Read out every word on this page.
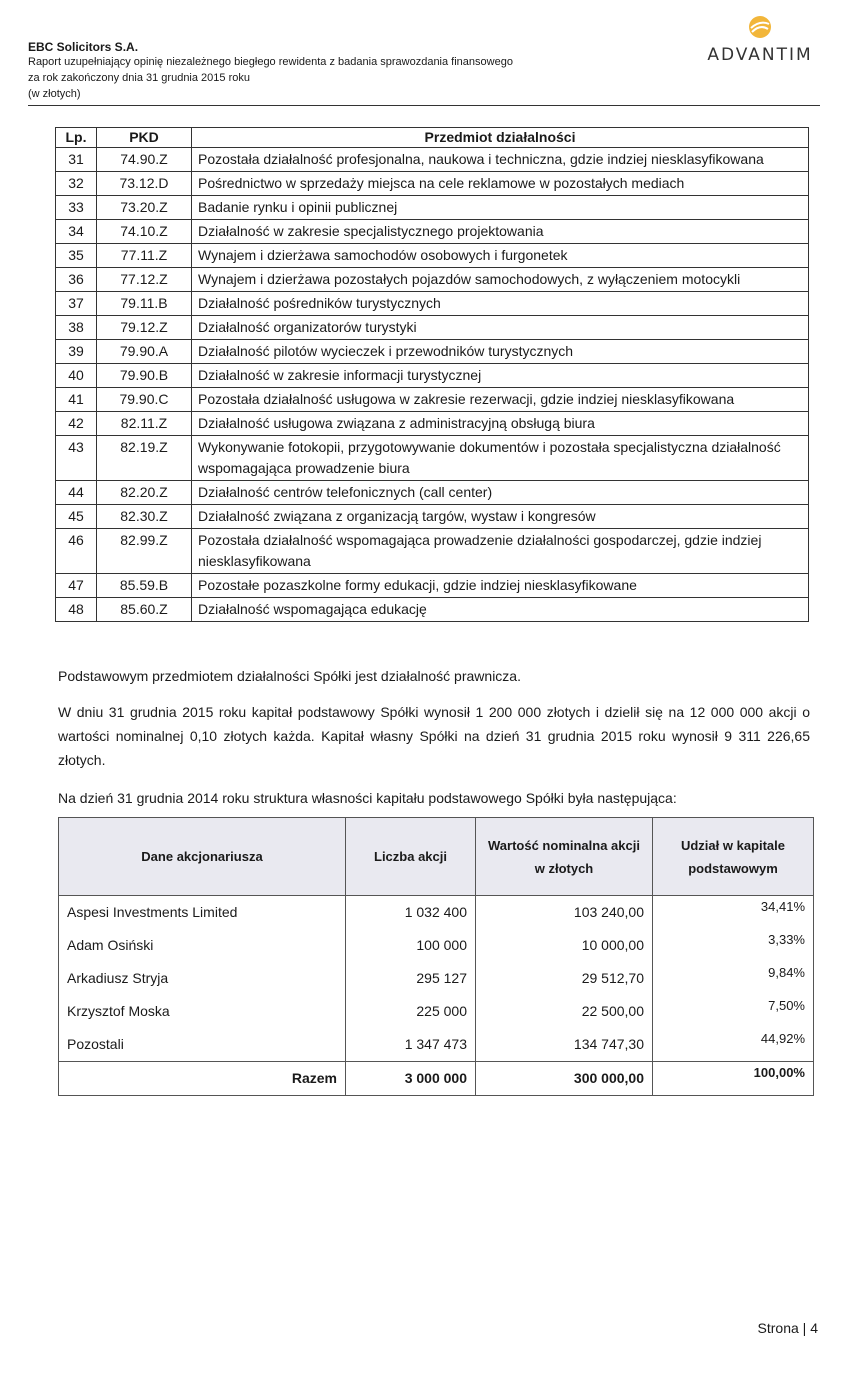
EBC Solicitors S.A.
Raport uzupełniający opinię niezależnego biegłego rewidenta z badania sprawozdania finansowego
za rok zakończony dnia 31 grudnia 2015 roku
(w złotych)
ADVANTIM
Lp.	PKD	Przedmiot działalności
31	74.90.Z	Pozostała działalność profesjonalna, naukowa i techniczna, gdzie indziej niesklasyfikowana
32	73.12.D	Pośrednictwo w sprzedaży miejsca na cele reklamowe w pozostałych mediach
33	73.20.Z	Badanie rynku i opinii publicznej
34	74.10.Z	Działalność w zakresie specjalistycznego projektowania
35	77.11.Z	Wynajem i dzierżawa samochodów osobowych i furgonetek
36	77.12.Z	Wynajem i dzierżawa pozostałych pojazdów samochodowych, z wyłączeniem motocykli
37	79.11.B	Działalność pośredników turystycznych
38	79.12.Z	Działalność organizatorów turystyki
39	79.90.A	Działalność pilotów wycieczek i przewodników turystycznych
40	79.90.B	Działalność w zakresie informacji turystycznej
41	79.90.C	Pozostała działalność usługowa w zakresie rezerwacji, gdzie indziej niesklasyfikowana
42	82.11.Z	Działalność usługowa związana z administracyjną obsługą biura
43	82.19.Z	Wykonywanie fotokopii, przygotowywanie dokumentów i pozostała specjalistyczna działalność wspomagająca prowadzenie biura
44	82.20.Z	Działalność centrów telefonicznych (call center)
45	82.30.Z	Działalność związana z organizacją targów, wystaw i kongresów
46	82.99.Z	Pozostała działalność wspomagająca prowadzenie działalności gospodarczej, gdzie indziej niesklasyfikowana
47	85.59.B	Pozostałe pozaszkolne formy edukacji, gdzie indziej niesklasyfikowane
48	85.60.Z	Działalność wspomagająca edukację
Podstawowym przedmiotem działalności Spółki jest działalność prawnicza.
W dniu 31 grudnia 2015 roku kapitał podstawowy Spółki wynosił 1 200 000 złotych i dzielił się na 12 000 000 akcji o wartości nominalnej 0,10 złotych każda. Kapitał własny Spółki na dzień 31 grudnia 2015 roku wynosił 9 311 226,65 złotych.
Na dzień 31 grudnia 2014 roku struktura własności kapitału podstawowego Spółki była następująca:
Dane akcjonariusza	Liczba akcji	Wartość nominalna akcji w złotych	Udział w kapitale podstawowym
Aspesi Investments Limited	1 032 400	103 240,00	34,41%
Adam Osiński	100 000	10 000,00	3,33%
Arkadiusz Stryja	295 127	29 512,70	9,84%
Krzysztof Moska	225 000	22 500,00	7,50%
Pozostali	1 347 473	134 747,30	44,92%
Razem	3 000 000	300 000,00	100,00%
Strona | 4
